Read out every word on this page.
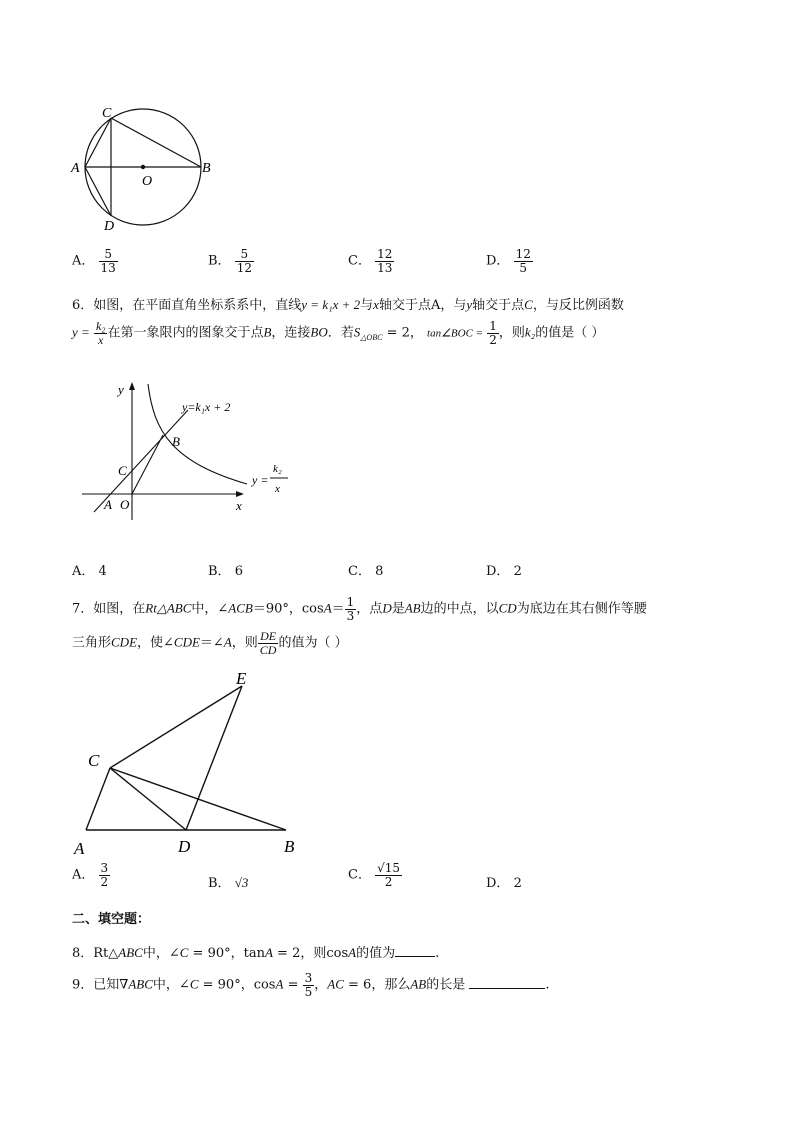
C
A	B
O
D
A． $\frac{5}{13}$	B． $\frac{5}{12}$	C． $\frac{12}{13}$	D． $\frac{12}{5}$
6．如图，在平面直角坐标系系中，直线y = k₁x + 2与x轴交于点A，与y轴交于点C，与反比例函数
$y = \frac{\text{k₂}}{x}$ 在第一象限内的图象交于点B，连接BO．若$S_{\triangle OBC} = 2$， tan∠BOC = $\frac{1}{2}$ ，则k₂的值是（ ）
y
x
O
A
B
C
y=k₁x + 2
y =
k₂
x
A． 4	B． 6	C． 8	D． 2
7．如图，在Rt△ABC中，∠ACB＝90°，$\cos A= \frac{1}{3}$ ，点D是AB边的中点，以CD为底边在其右侧作等腰
三角形CDE，使∠CDE＝∠A，则 $\frac{DE}{CD}$ 的值为（ ）
E
C
A	D	B
A． $\frac{3}{2}$	B． √3	C． $\frac{√15}{2}$	D． 2
二、填空题：
8．Rt△ABC中，∠C = 90°，tanA = 2，则cosA的值为	.
9．已知∇ABC中，∠C = 90°，$\cos A = \frac{3}{5}$ ，AC = 6，那么AB的长是	.
